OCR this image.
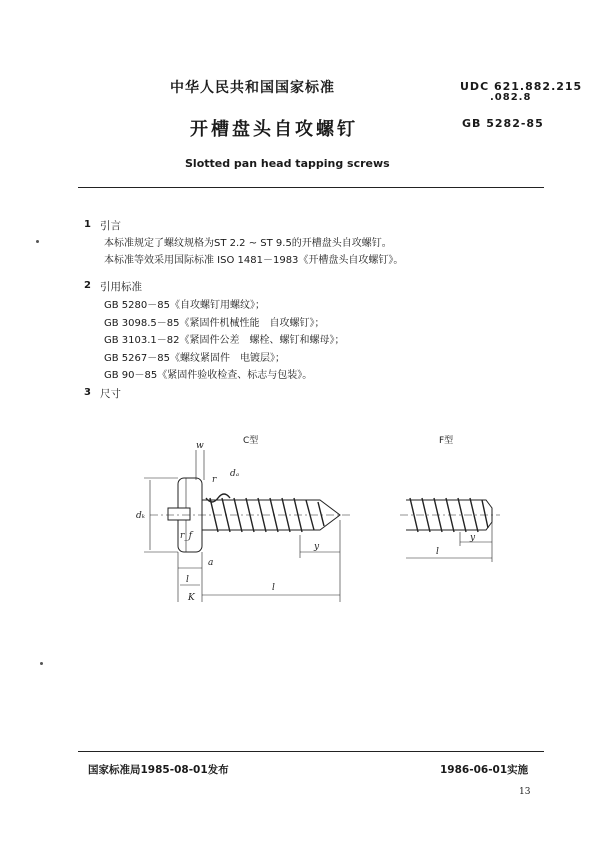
中华人民共和国国家标准	UDC 621.882.215
.082.8
开槽盘头自攻螺钉	GB 5282-85
Slotted pan head tapping screws
1 引言
本标准规定了螺纹规格为ST 2.2 ~ ST 9.5的开槽盘头自攻螺钉。
本标准等效采用国际标准 ISO 1481－1983《开槽盘头自攻螺钉》。
2 引用标准
GB 5280－85《自攻螺钉用螺纹》；
GB 3098.5－85《紧固件机械性能　自攻螺钉》；
GB 3103.1－82《紧固件公差　螺栓、螺钉和螺母》；
GB 5267－85《螺纹紧固件　电镀层》；
GB 90－85《紧固件验收检查、标志与包装》。
3 尺寸
C型	F型
w
r
dₐ
dₖ
r_f
a
y
l
l
K
y
l
国家标准局1985-08-01发布	1986-06-01实施
13
